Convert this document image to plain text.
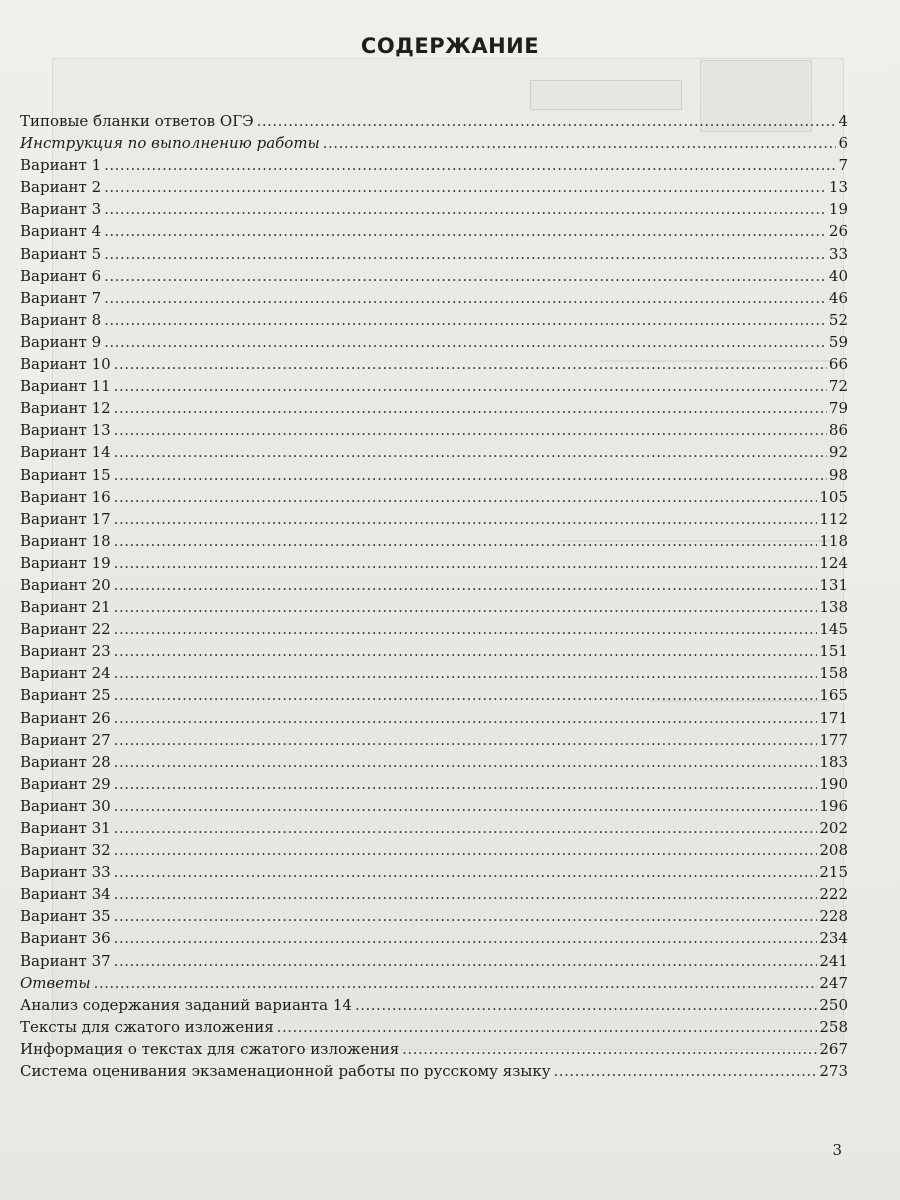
СОДЕРЖАНИЕ
Типовые бланки ответов ОГЭ .....	4
Инструкция по выполнению работы .....	6
Вариант 1 .....	7
Вариант 2 .....	13
Вариант 3 .....	19
Вариант 4 .....	26
Вариант 5 .....	33
Вариант 6 .....	40
Вариант 7 .....	46
Вариант 8 .....	52
Вариант 9 .....	59
Вариант 10 .....	66
Вариант 11 .....	72
Вариант 12 .....	79
Вариант 13 .....	86
Вариант 14 .....	92
Вариант 15 .....	98
Вариант 16 .....	105
Вариант 17 .....	112
Вариант 18 .....	118
Вариант 19 .....	124
Вариант 20 .....	131
Вариант 21 .....	138
Вариант 22 .....	145
Вариант 23 .....	151
Вариант 24 .....	158
Вариант 25 .....	165
Вариант 26 .....	171
Вариант 27 .....	177
Вариант 28 .....	183
Вариант 29 .....	190
Вариант 30 .....	196
Вариант 31 .....	202
Вариант 32 .....	208
Вариант 33 .....	215
Вариант 34 .....	222
Вариант 35 .....	228
Вариант 36 .....	234
Вариант 37 .....	241
Ответы .....	247
Анализ содержания заданий варианта 14 .....	250
Тексты для сжатого изложения .....	258
Информация о текстах для сжатого изложения .....	267
Система оценивания экзаменационной работы по русскому языку .....	273
3
